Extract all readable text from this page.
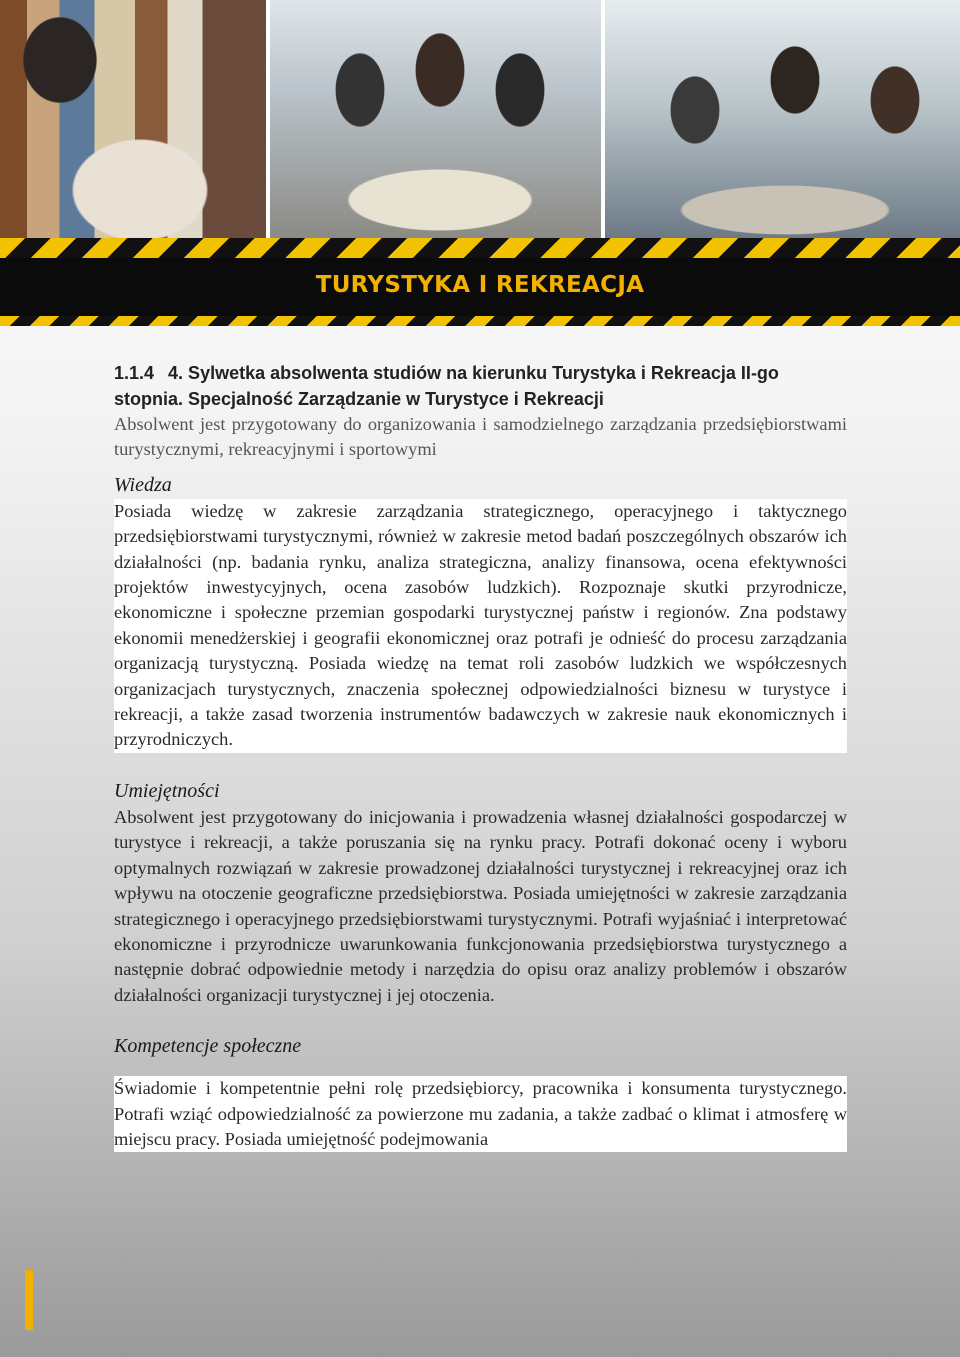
TURYSTYKA I REKREACJA

1.1.4 4. Sylwetka absolwenta studiów na kierunku Turystyka i Rekreacja II-go stopnia. Specjalność Zarządzanie w Turystyce i Rekreacji

Absolwent jest przygotowany do organizowania i samodzielnego zarządzania przedsiębiorstwami turystycznymi, rekreacyjnymi i sportowymi

Wiedza

Posiada wiedzę w zakresie zarządzania strategicznego, operacyjnego i taktycznego przedsiębiorstwami turystycznymi, również w zakresie metod badań poszczególnych obszarów ich działalności (np. badania rynku, analiza strategiczna, analizy finansowa, ocena efektywności projektów inwestycyjnych, ocena zasobów ludzkich). Rozpoznaje skutki przyrodnicze, ekonomiczne i społeczne przemian gospodarki turystycznej państw i regionów. Zna podstawy ekonomii menedżerskiej i geografii ekonomicznej oraz potrafi je odnieść do procesu zarządzania organizacją turystyczną. Posiada wiedzę na temat roli zasobów ludzkich we współczesnych organizacjach turystycznych, znaczenia społecznej odpowiedzialności biznesu w turystyce i rekreacji, a także zasad tworzenia instrumentów badawczych w zakresie nauk ekonomicznych i przyrodniczych.

Umiejętności

Absolwent jest przygotowany do inicjowania i prowadzenia własnej działalności gospodarczej w turystyce i rekreacji, a także poruszania się na rynku pracy. Potrafi dokonać oceny i wyboru optymalnych rozwiązań w zakresie prowadzonej działalności turystycznej i rekreacyjnej oraz ich wpływu na otoczenie geograficzne przedsiębiorstwa. Posiada umiejętności w zakresie zarządzania strategicznego i operacyjnego przedsiębiorstwami turystycznymi. Potrafi wyjaśniać i interpretować ekonomiczne i przyrodnicze uwarunkowania funkcjonowania przedsiębiorstwa turystycznego a następnie dobrać odpowiednie metody i narzędzia do opisu oraz analizy problemów i obszarów działalności organizacji turystycznej i jej otoczenia.

Kompetencje społeczne

Świadomie i kompetentnie pełni rolę przedsiębiorcy, pracownika i konsumenta turystycznego. Potrafi wziąć odpowiedzialność za powierzone mu zadania, a także zadbać o klimat i atmosferę w miejscu pracy. Posiada umiejętność podejmowania
